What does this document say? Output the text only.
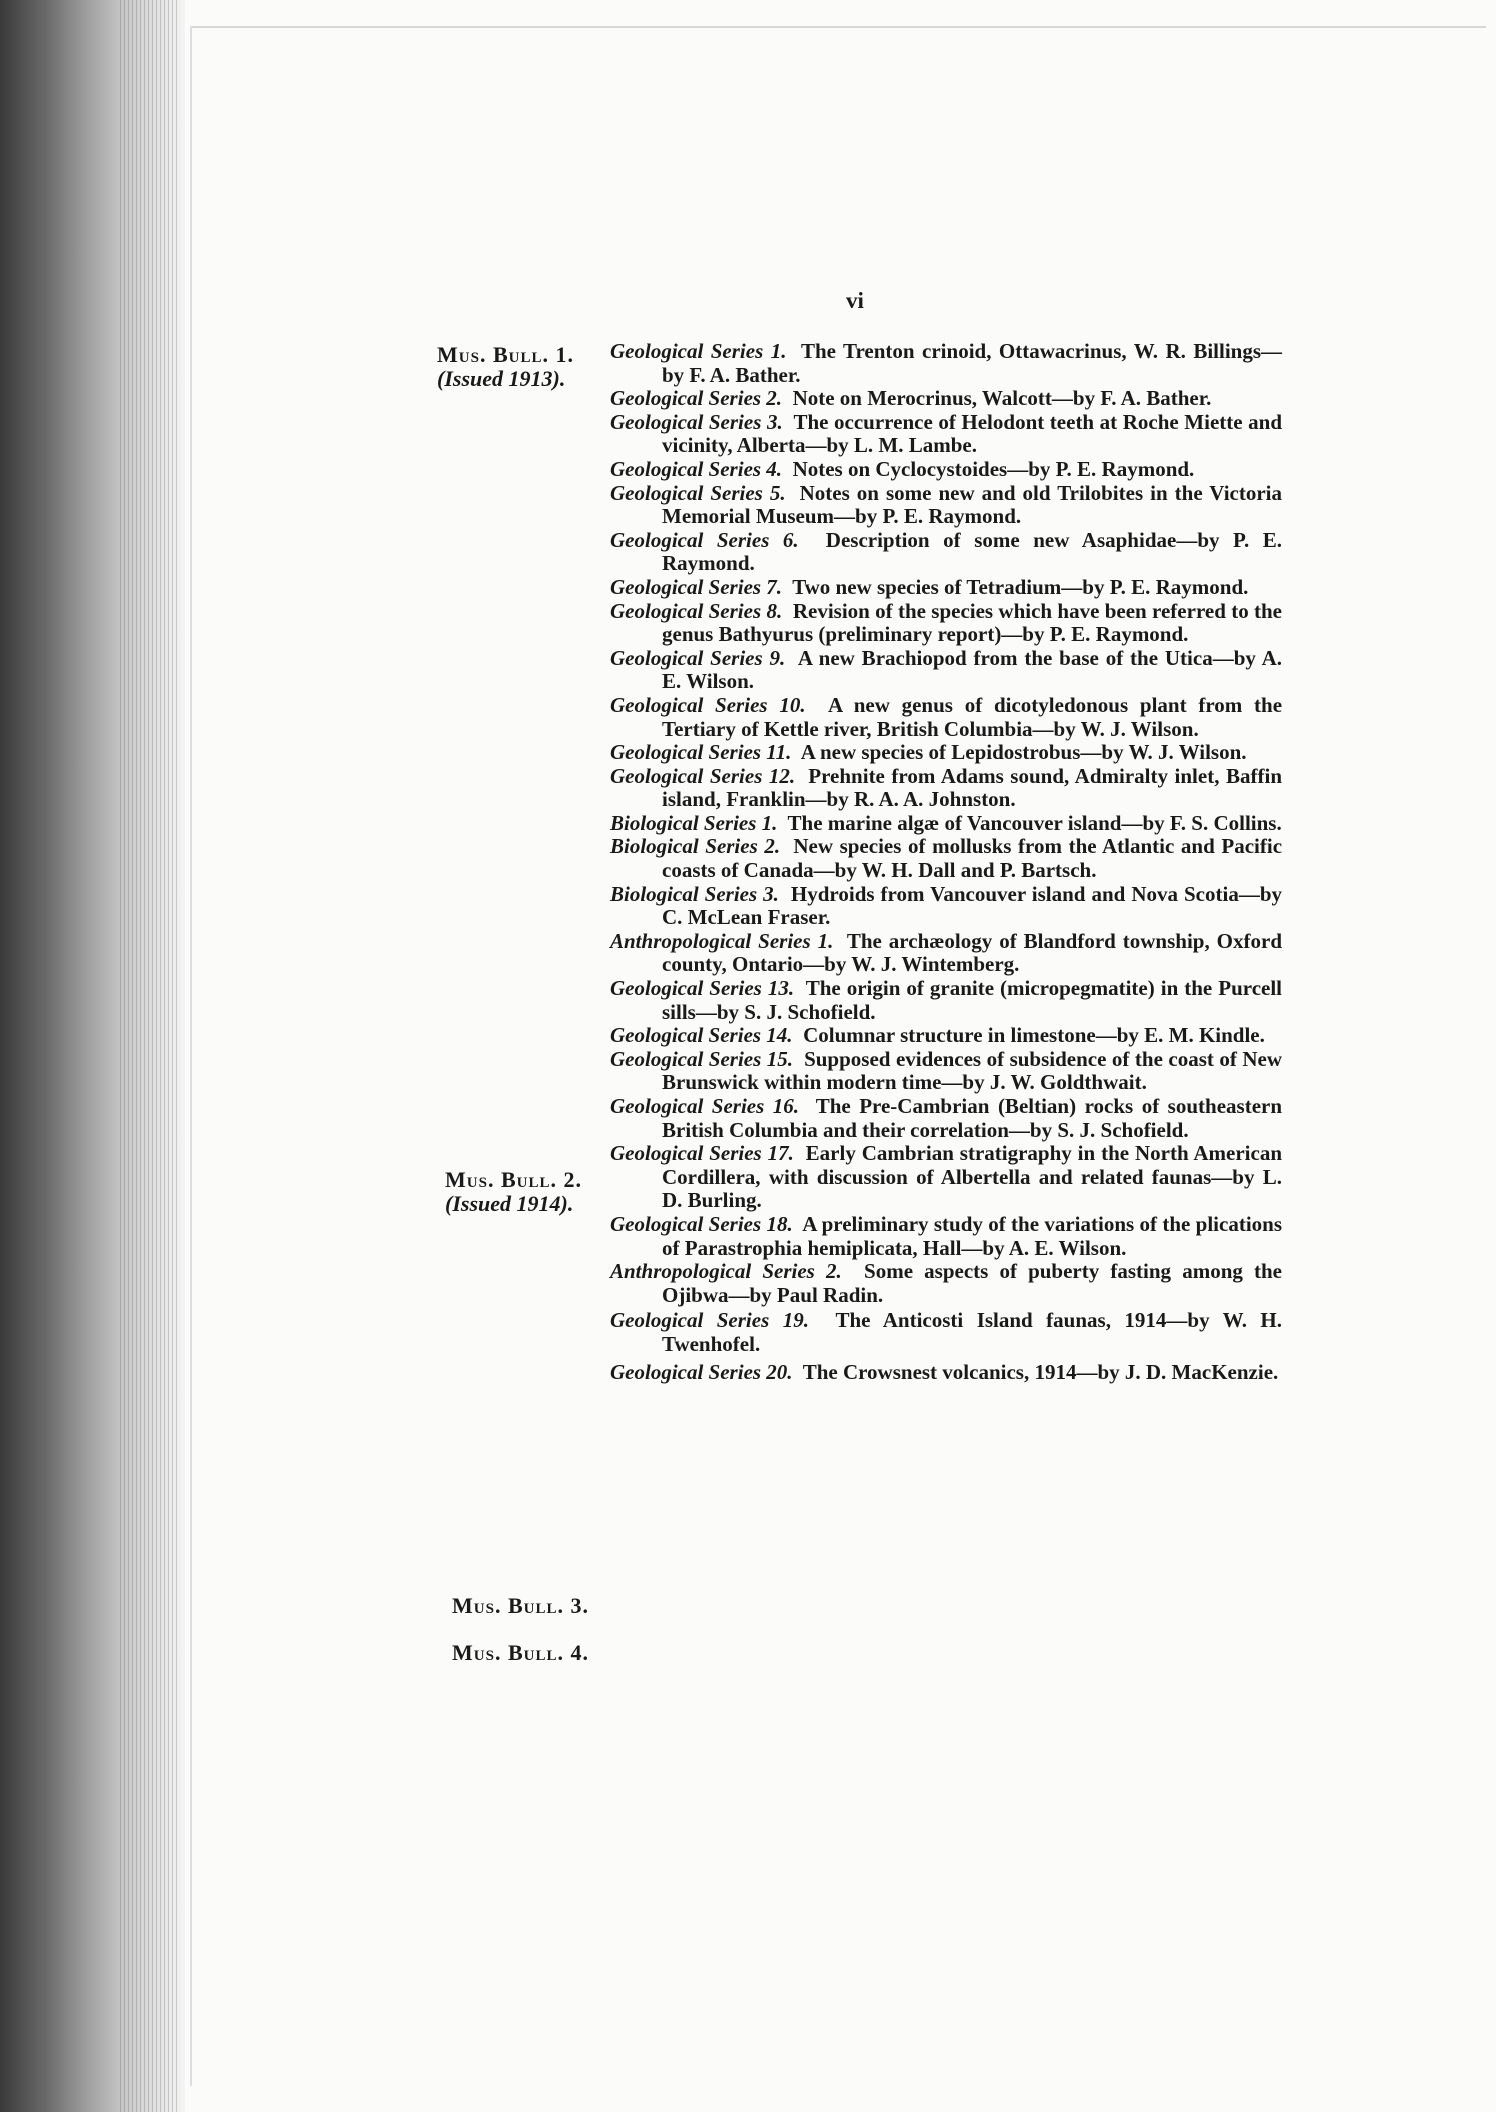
vi
Mus. Bull. 1.
(Issued 1913).
Mus. Bull. 2.
(Issued 1914).
Mus. Bull. 3.
Mus. Bull. 4.
Geological Series 1. The Trenton crinoid, Ottawacrinus, W. R. Billings—by F. A. Bather.
Geological Series 2. Note on Merocrinus, Walcott—by F. A. Bather.
Geological Series 3. The occurrence of Helodont teeth at Roche Miette and vicinity, Alberta—by L. M. Lambe.
Geological Series 4. Notes on Cyclocystoides—by P. E. Raymond.
Geological Series 5. Notes on some new and old Trilobites in the Victoria Memorial Museum—by P. E. Raymond.
Geological Series 6. Description of some new Asaphidae—by P. E. Raymond.
Geological Series 7. Two new species of Tetradium—by P. E. Raymond.
Geological Series 8. Revision of the species which have been referred to the genus Bathyurus (preliminary report)—by P. E. Raymond.
Geological Series 9. A new Brachiopod from the base of the Utica—by A. E. Wilson.
Geological Series 10. A new genus of dicotyledonous plant from the Tertiary of Kettle river, British Columbia—by W. J. Wilson.
Geological Series 11. A new species of Lepidostrobus—by W. J. Wilson.
Geological Series 12. Prehnite from Adams sound, Admiralty inlet, Baffin island, Franklin—by R. A. A. Johnston.
Biological Series 1. The marine algæ of Vancouver island—by F. S. Collins.
Biological Series 2. New species of mollusks from the Atlantic and Pacific coasts of Canada—by W. H. Dall and P. Bartsch.
Biological Series 3. Hydroids from Vancouver island and Nova Scotia—by C. McLean Fraser.
Anthropological Series 1. The archæology of Blandford township, Oxford county, Ontario—by W. J. Wintemberg.
Geological Series 13. The origin of granite (micropegmatite) in the Purcell sills—by S. J. Schofield.
Geological Series 14. Columnar structure in limestone—by E. M. Kindle.
Geological Series 15. Supposed evidences of subsidence of the coast of New Brunswick within modern time—by J. W. Goldthwait.
Geological Series 16. The Pre-Cambrian (Beltian) rocks of southeastern British Columbia and their correlation—by S. J. Schofield.
Geological Series 17. Early Cambrian stratigraphy in the North American Cordillera, with discussion of Albertella and related faunas—by L. D. Burling.
Geological Series 18. A preliminary study of the variations of the plications of Parastrophia hemiplicata, Hall—by A. E. Wilson.
Anthropological Series 2. Some aspects of puberty fasting among the Ojibwa—by Paul Radin.
Geological Series 19. The Anticosti Island faunas, 1914—by W. H. Twenhofel.
Geological Series 20. The Crowsnest volcanics, 1914—by J. D. MacKenzie.
